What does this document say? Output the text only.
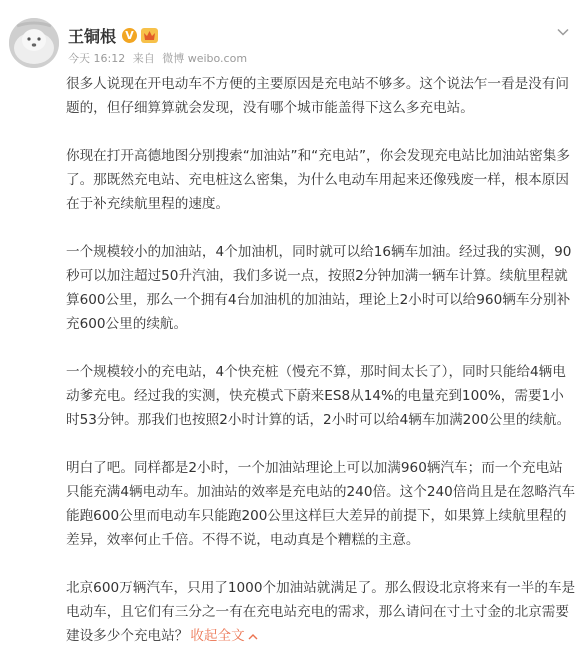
王铜根 V
今天 16:12 来自 微博 weibo.com

很多人说现在开电动车不方便的主要原因是充电站不够多。这个说法乍一看是没有问题的，但仔细算算就会发现，没有哪个城市能盖得下这么多充电站。

你现在打开高德地图分别搜索“加油站”和“充电站”，你会发现充电站比加油站密集多了。那既然充电站、充电桩这么密集，为什么电动车用起来还像残废一样，根本原因在于补充续航里程的速度。

一个规模较小的加油站，4个加油机，同时就可以给16辆车加油。经过我的实测，90秒可以加注超过50升汽油，我们多说一点，按照2分钟加满一辆车计算。续航里程就算600公里，那么一个拥有4台加油机的加油站，理论上2小时可以给960辆车分别补充600公里的续航。

一个规模较小的充电站，4个快充桩（慢充不算，那时间太长了），同时只能给4辆电动爹充电。经过我的实测，快充模式下蔚来ES8从14%的电量充到100%，需要1小时53分钟。那我们也按照2小时计算的话，2小时可以给4辆车加满200公里的续航。

明白了吧。同样都是2小时，一个加油站理论上可以加满960辆汽车；而一个充电站只能充满4辆电动车。加油站的效率是充电站的240倍。这个240倍尚且是在忽略汽车能跑600公里而电动车只能跑200公里这样巨大差异的前提下，如果算上续航里程的差异，效率何止千倍。不得不说，电动真是个糟糕的主意。

北京600万辆汽车，只用了1000个加油站就满足了。那么假设北京将来有一半的车是电动车，且它们有三分之一有在充电站充电的需求，那么请问在寸土寸金的北京需要建设多少个充电站？ 收起全文
